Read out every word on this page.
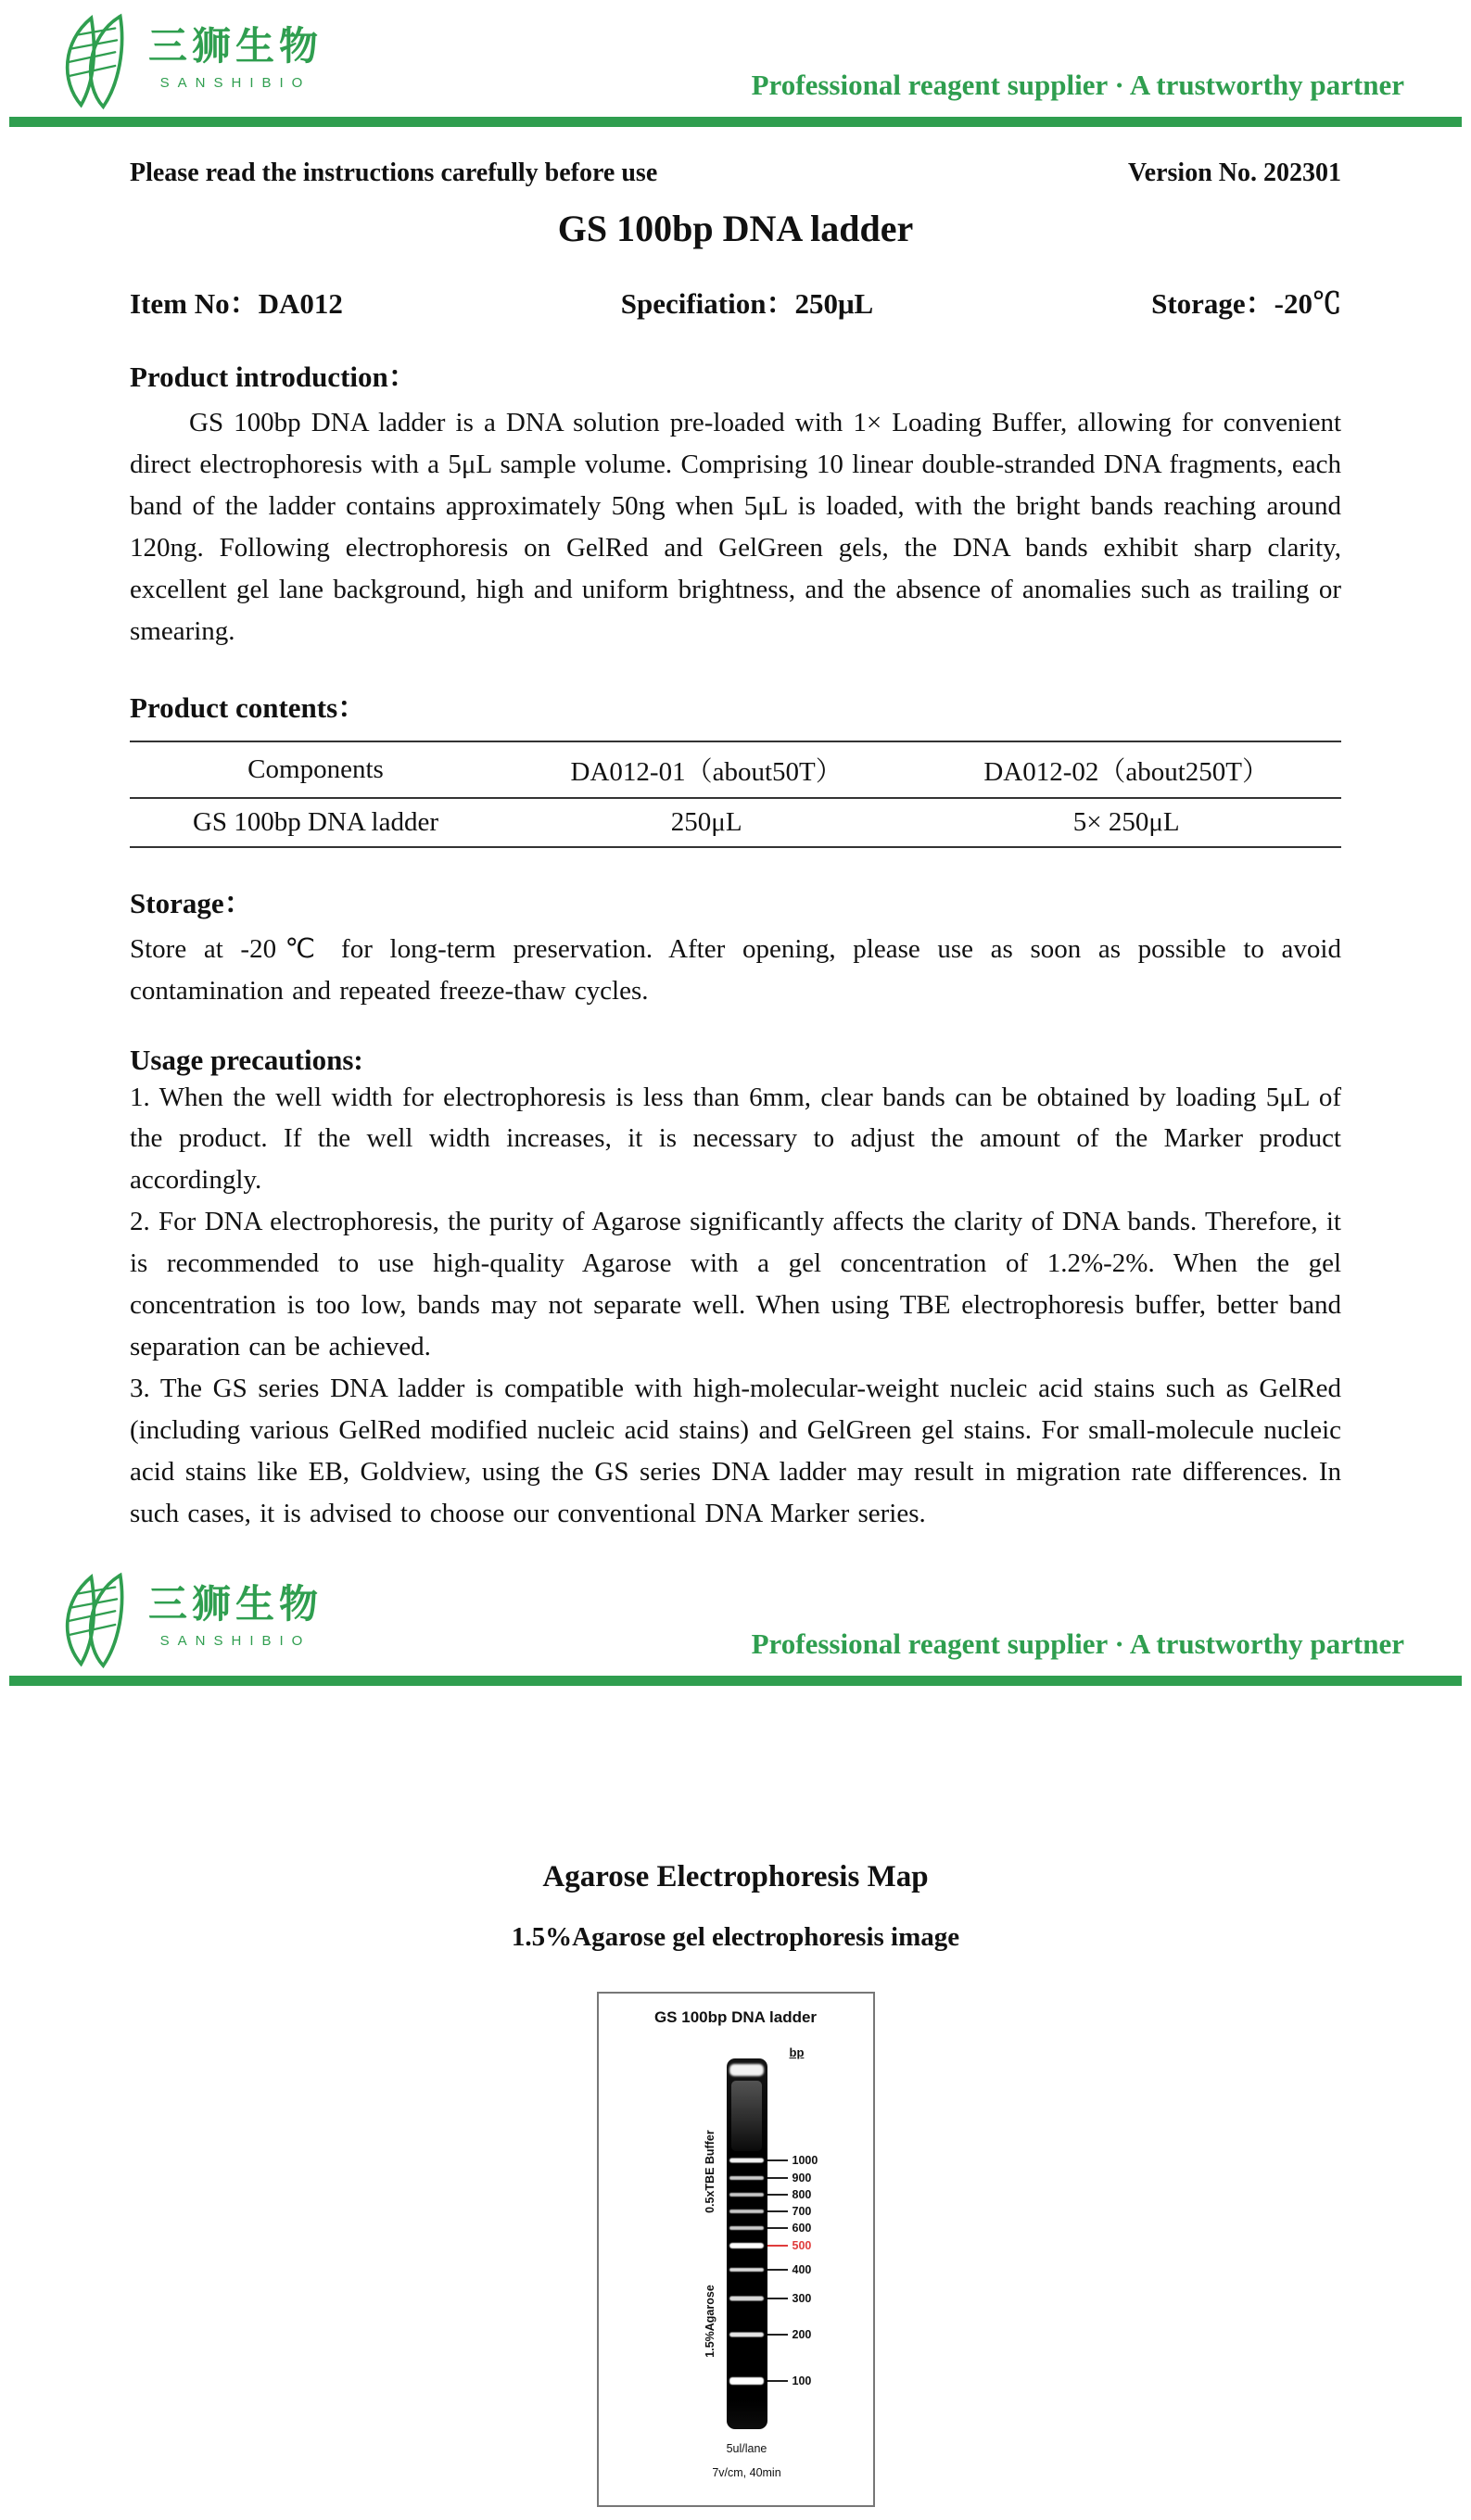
三狮生物
SANSHIBIO	Professional reagent supplier · A trustworthy partner
Please read the instructions carefully before use	Version No. 202301
GS 100bp DNA ladder
Item No：DA012	Specifiation：250μL	Storage：-20℃
Product introduction：

GS 100bp DNA ladder is a DNA solution pre-loaded with 1× Loading Buffer, allowing for convenient direct electrophoresis with a 5μL sample volume. Comprising 10 linear double-stranded DNA fragments, each band of the ladder contains approximately 50ng when 5μL is loaded, with the bright bands reaching around 120ng. Following electrophoresis on GelRed and GelGreen gels, the DNA bands exhibit sharp clarity, excellent gel lane background, high and uniform brightness, and the absence of anomalies such as trailing or smearing.

Product contents：
Components	DA012-01（about50T）	DA012-02（about250T）
GS 100bp DNA ladder	250μL	5× 250μL
Storage：

Store at -20℃ for long-term preservation. After opening, please use as soon as possible to avoid contamination and repeated freeze-thaw cycles.

Usage precautions:

1. When the well width for electrophoresis is less than 6mm, clear bands can be obtained by loading 5μL of the product. If the well width increases, it is necessary to adjust the amount of the Marker product accordingly.

2. For DNA electrophoresis, the purity of Agarose significantly affects the clarity of DNA bands. Therefore, it is recommended to use high-quality Agarose with a gel concentration of 1.2%-2%. When the gel concentration is too low, bands may not separate well. When using TBE electrophoresis buffer, better band separation can be achieved.

3. The GS series DNA ladder is compatible with high-molecular-weight nucleic acid stains such as GelRed (including various GelRed modified nucleic acid stains) and GelGreen gel stains. For small-molecule nucleic acid stains like EB, Goldview, using the GS series DNA ladder may result in migration rate differences. In such cases, it is advised to choose our conventional DNA Marker series.

三狮生物
SANSHIBIO	Professional reagent supplier · A trustworthy partner
Agarose Electrophoresis Map
1.5%Agarose gel electrophoresis image
GS 100bp DNA ladder
bp
1.5%Agarose
0.5xTBE Buffer
5ul/lane
7v/cm, 40min
1000
900
800
700
600
500
400
300
200
100
